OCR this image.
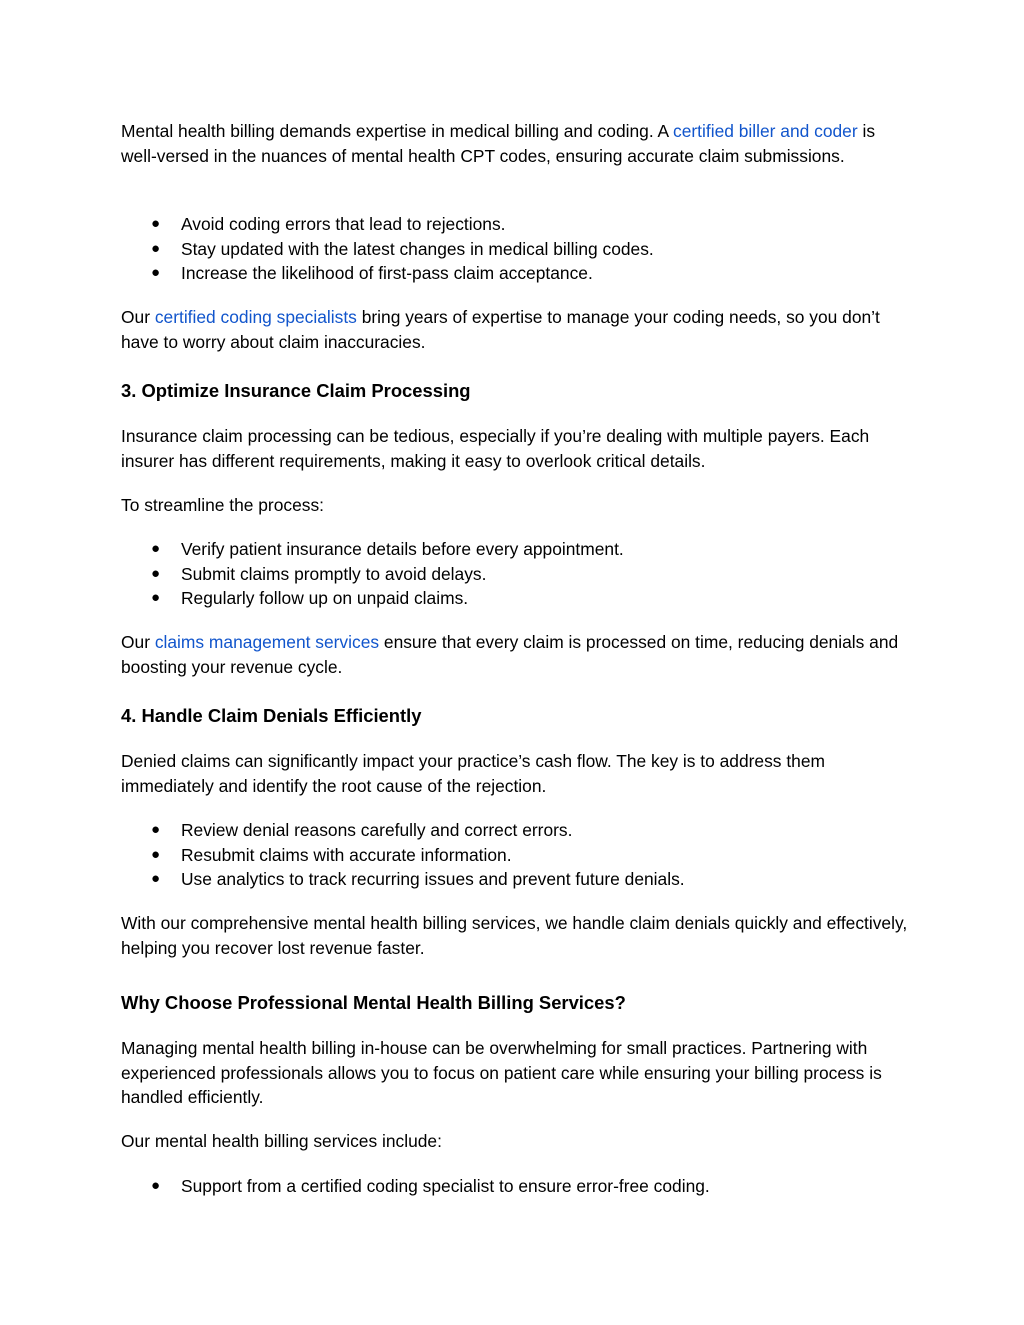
Mental health billing demands expertise in medical billing and coding. A certified biller and coder is well-versed in the nuances of mental health CPT codes, ensuring accurate claim submissions.

● Avoid coding errors that lead to rejections.
● Stay updated with the latest changes in medical billing codes.
● Increase the likelihood of first-pass claim acceptance.

Our certified coding specialists bring years of expertise to manage your coding needs, so you don’t have to worry about claim inaccuracies.

3. Optimize Insurance Claim Processing

Insurance claim processing can be tedious, especially if you’re dealing with multiple payers. Each insurer has different requirements, making it easy to overlook critical details.

To streamline the process:

● Verify patient insurance details before every appointment.
● Submit claims promptly to avoid delays.
● Regularly follow up on unpaid claims.

Our claims management services ensure that every claim is processed on time, reducing denials and boosting your revenue cycle.

4. Handle Claim Denials Efficiently

Denied claims can significantly impact your practice’s cash flow. The key is to address them immediately and identify the root cause of the rejection.

● Review denial reasons carefully and correct errors.
● Resubmit claims with accurate information.
● Use analytics to track recurring issues and prevent future denials.

With our comprehensive mental health billing services, we handle claim denials quickly and effectively, helping you recover lost revenue faster.

Why Choose Professional Mental Health Billing Services?

Managing mental health billing in-house can be overwhelming for small practices. Partnering with experienced professionals allows you to focus on patient care while ensuring your billing process is handled efficiently.

Our mental health billing services include:

● Support from a certified coding specialist to ensure error-free coding.
